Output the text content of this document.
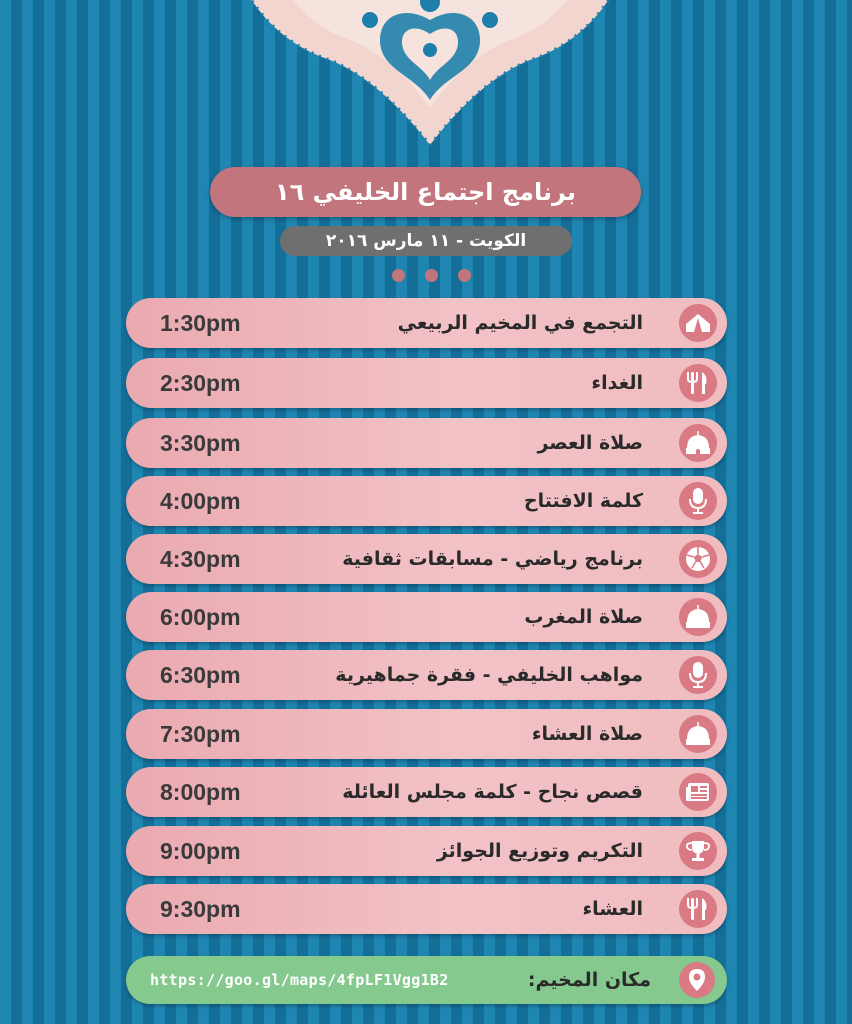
برنامج اجتماع الخليفي ١٦
الكويت - ١١ مارس ٢٠١٦
التجمع في المخيم الربيعي
1:30pm
الغداء
2:30pm
صلاة العصر
3:30pm
كلمة الافتتاح
4:00pm
برنامج رياضي - مسابقات ثقافية
4:30pm
صلاة المغرب
6:00pm
مواهب الخليفي - فقرة جماهيرية
6:30pm
صلاة العشاء
7:30pm
قصص نجاح - كلمة مجلس العائلة
8:00pm
التكريم وتوزيع الجوائز
9:00pm
العشاء
9:30pm
مكان المخيم:
https://goo.gl/maps/4fpLF1Vgg1B2
